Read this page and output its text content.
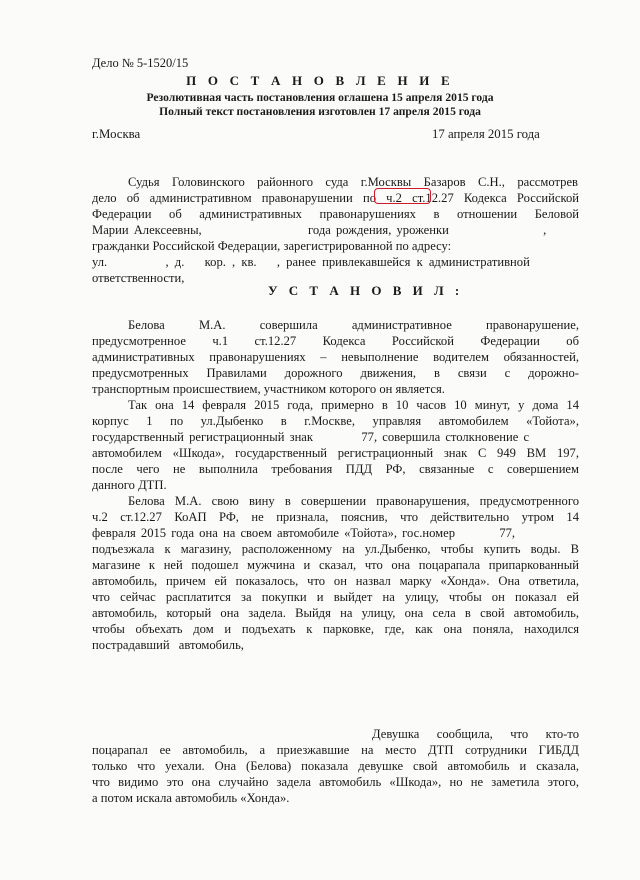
Дело № 5-1520/15
П О С Т А Н О В Л Е Н И Е
Резолютивная часть постановления оглашена 15 апреля 2015 года
Полный текст постановления изготовлен 17 апреля 2015 года
г.Москва	17 апреля 2015 года
Судья Головинского районного суда г.Москвы Базаров С.Н., рассмотрев
дело об административном правонарушении по ч.2 ст.12.27 Кодекса Российской
Федерации об административных правонарушениях в отношении Беловой
Марии Алексеевны,	года рождения, уроженки	,
гражданки Российской Федерации, зарегистрированной по адресу:
ул.	, д. кор. , кв. , ранее привлекавшейся к административной
ответственности,
У С Т А Н О В И Л :
Белова М.А. совершила административное правонарушение,
предусмотренное ч.1 ст.12.27 Кодекса Российской Федерации об
административных правонарушениях – невыполнение водителем обязанностей,
предусмотренных Правилами дорожного движения, в связи с дорожно-
транспортным происшествием, участником которого он является.
Так она 14 февраля 2015 года, примерно в 10 часов 10 минут, у дома 14
корпус 1 по ул.Дыбенко в г.Москве, управляя автомобилем «Тойота»,
государственный регистрационный знак	77, совершила столкновение с
автомобилем «Шкода», государственный регистрационный знак С 949 ВМ 197,
после чего не выполнила требования ПДД РФ, связанные с совершением
данного ДТП.
Белова М.А. свою вину в совершении правонарушения, предусмотренного
ч.2 ст.12.27 КоАП РФ, не признала, пояснив, что действительно утром 14
февраля 2015 года она на своем автомобиле «Тойота», гос.номер	77,
подъезжала к магазину, расположенному на ул.Дыбенко, чтобы купить воды. В
магазине к ней подошел мужчина и сказал, что она поцарапала припаркованный
автомобиль, причем ей показалось, что он назвал марку «Хонда». Она ответила,
что сейчас расплатится за покупки и выйдет на улицу, чтобы он показал ей
автомобиль, который она задела. Выйдя на улицу, она села в свой автомобиль,
чтобы объехать дом и подъехать к парковке, где, как она поняла, находился
пострадавший автомобиль,
Девушка сообщила, что кто-то
поцарапал ее автомобиль, а приезжавшие на место ДТП сотрудники ГИБДД
только что уехали. Она (Белова) показала девушке свой автомобиль и сказала,
что видимо это она случайно задела автомобиль «Шкода», но не заметила этого,
а потом искала автомобиль «Хонда».
